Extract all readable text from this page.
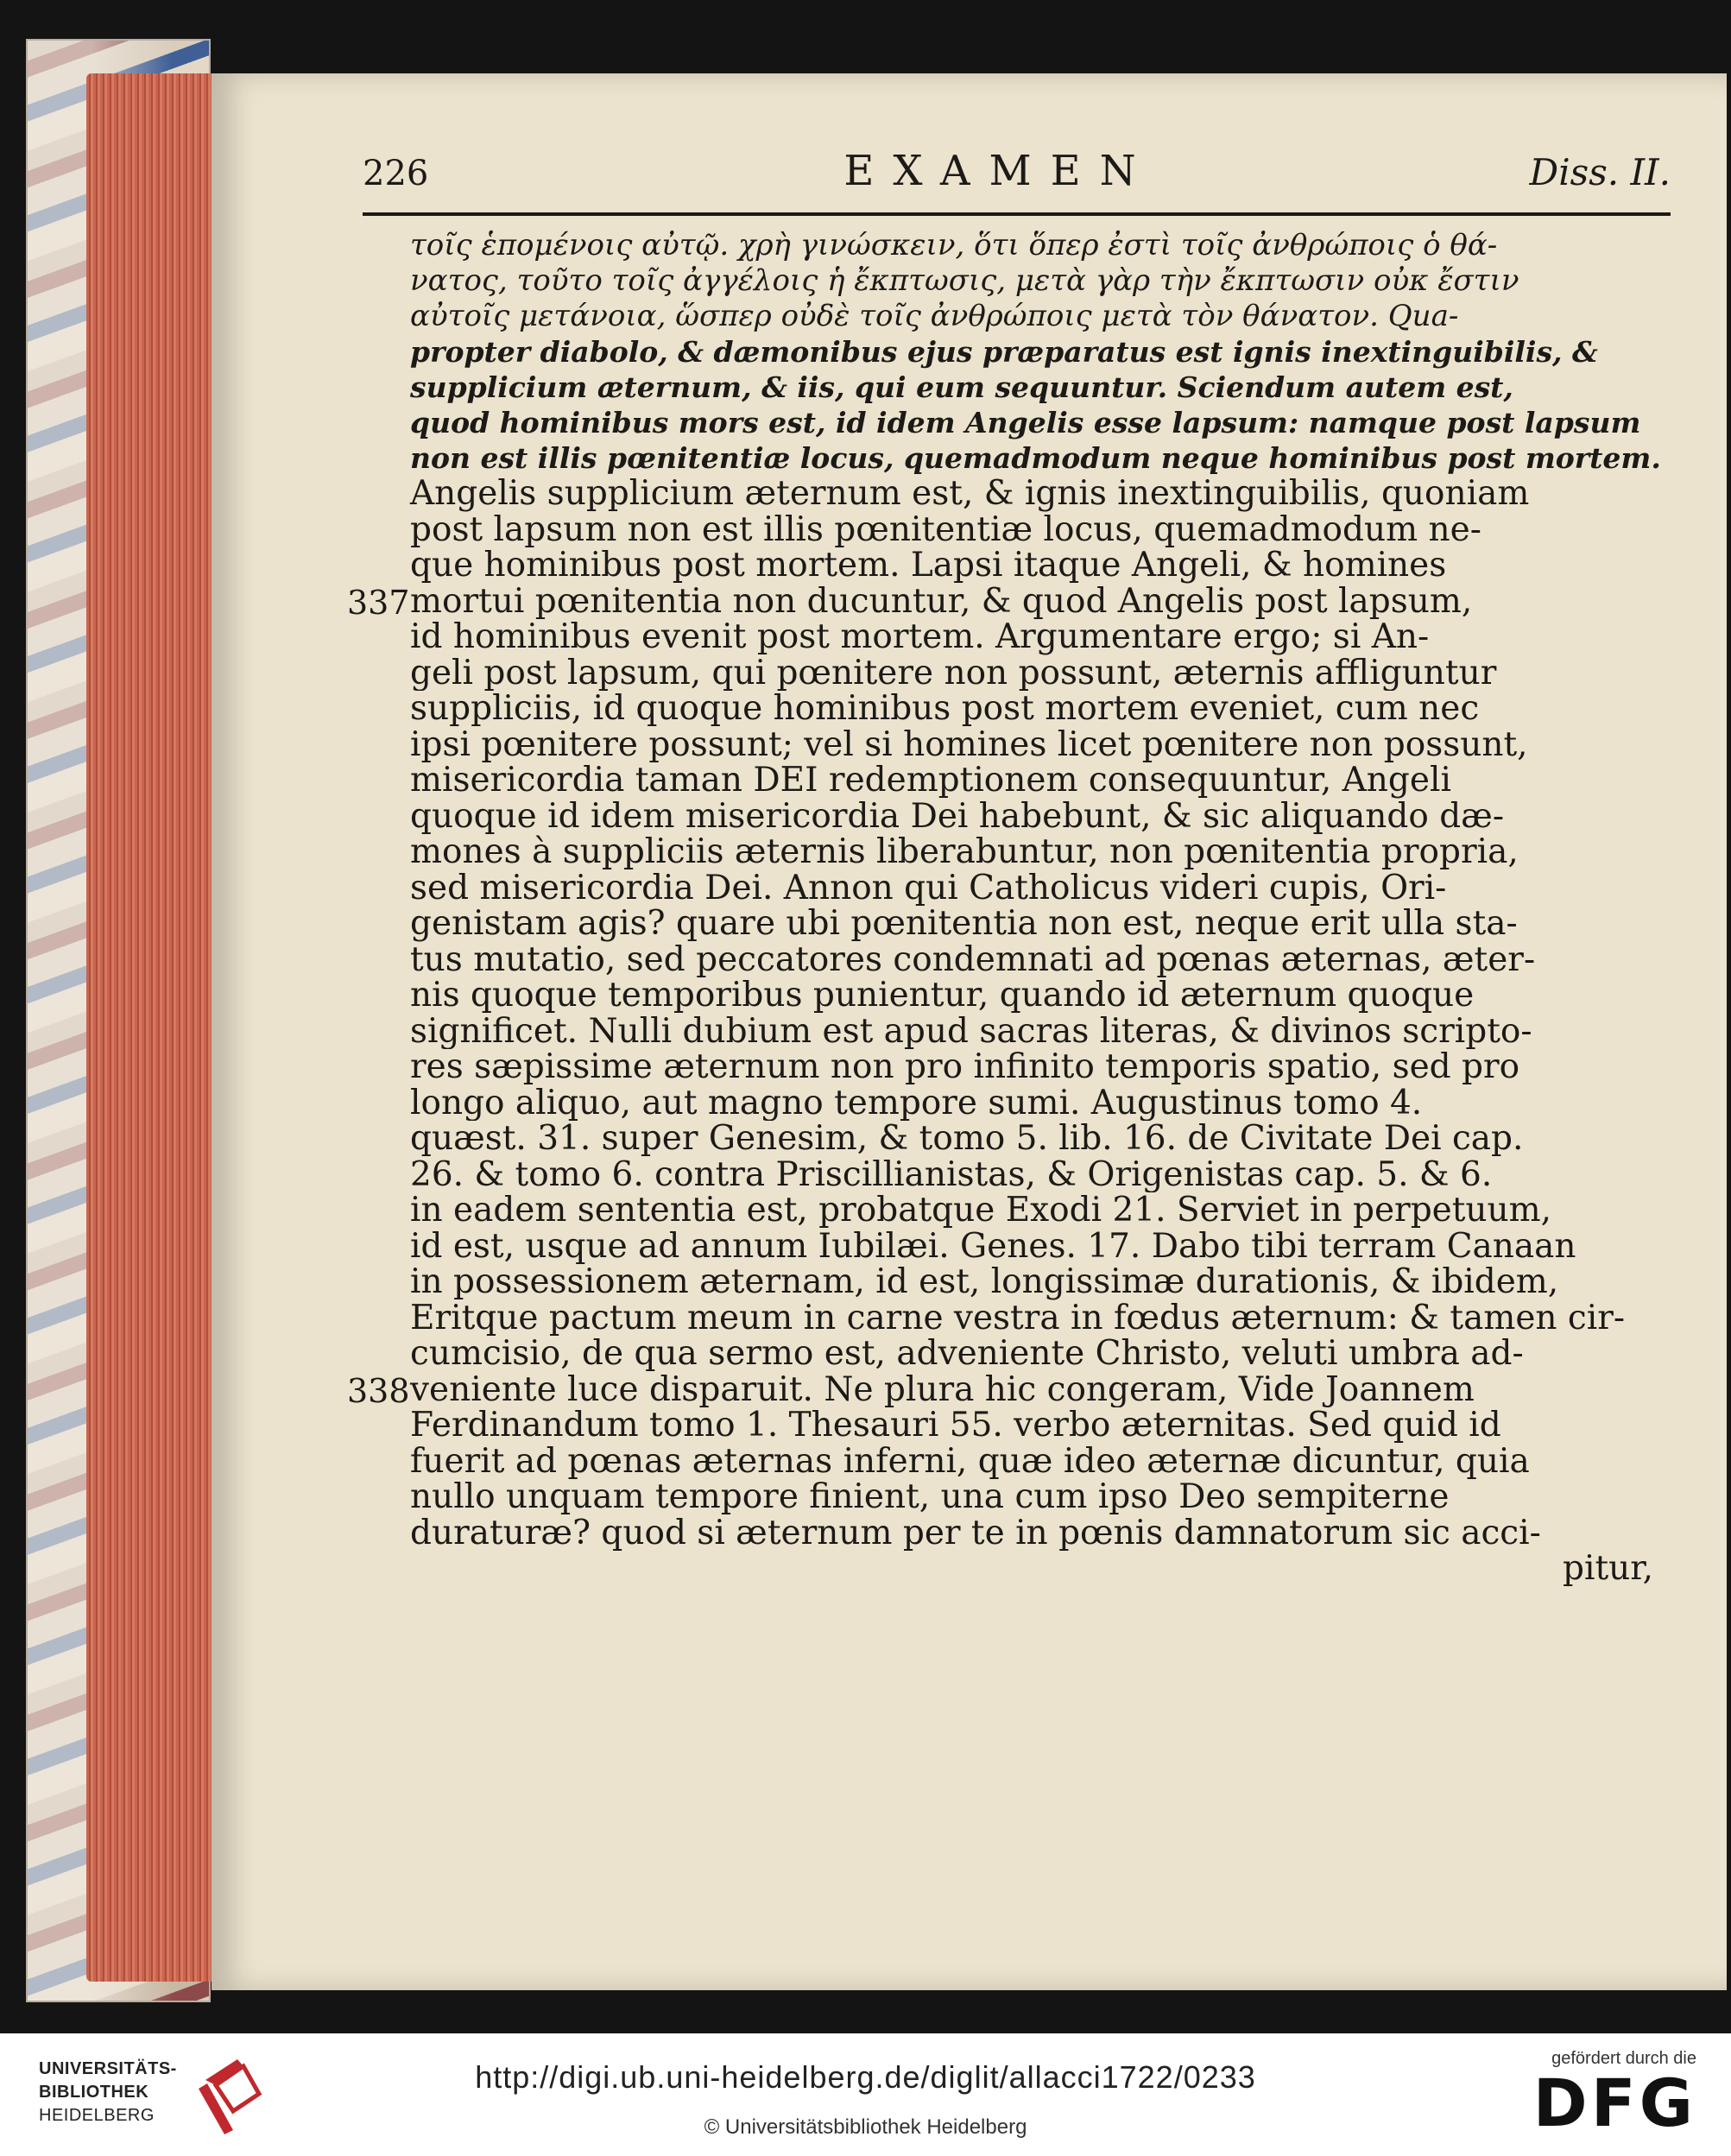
226	EXAMEN	Diss. II.
τοῖς ἑπομένοις αὐτῷ. χρὴ γινώσκειν, ὅτι ὅπερ ἐστὶ τοῖς ἀνθρώποις ὁ θά-
νατος, τοῦτο τοῖς ἀγγέλοις ἡ ἔκπτωσις, μετὰ γὰρ τὴν ἔκπτωσιν οὐκ ἔστιν
αὐτοῖς μετάνοια, ὥσπερ οὐδὲ τοῖς ἀνθρώποις μετὰ τὸν θάνατον. Qua-
propter diabolo, & dæmonibus ejus præparatus est ignis inextinguibilis, &
supplicium æternum, & iis, qui eum sequuntur. Sciendum autem est,
quod hominibus mors est, id idem Angelis esse lapsum: namque post lapsum
non est illis pœnitentiæ locus, quemadmodum neque hominibus post mortem.
Angelis supplicium æternum est, & ignis inextinguibilis, quoniam
post lapsum non est illis pœnitentiæ locus, quemadmodum ne-
que hominibus post mortem. Lapsi itaque Angeli, & homines
mortui pœnitentia non ducuntur, & quod Angelis post lapsum,
337
id hominibus evenit post mortem. Argumentare ergo; si An-
geli post lapsum, qui pœnitere non possunt, æternis affliguntur
suppliciis, id quoque hominibus post mortem eveniet, cum nec
ipsi pœnitere possunt; vel si homines licet pœnitere non possunt,
misericordia taman DEI redemptionem consequuntur, Angeli
quoque id idem misericordia Dei habebunt, & sic aliquando dæ-
mones à suppliciis æternis liberabuntur, non pœnitentia propria,
sed misericordia Dei. Annon qui Catholicus videri cupis, Ori-
genistam agis? quare ubi pœnitentia non est, neque erit ulla sta-
tus mutatio, sed peccatores condemnati ad pœnas æternas, æter-
nis quoque temporibus punientur, quando id æternum quoque
significet. Nulli dubium est apud sacras literas, & divinos scripto-
res sæpissime æternum non pro infinito temporis spatio, sed pro
longo aliquo, aut magno tempore sumi. Augustinus tomo 4.
quæst. 31. super Genesim, & tomo 5. lib. 16. de Civitate Dei cap.
26. & tomo 6. contra Priscillianistas, & Origenistas cap. 5. & 6.
in eadem sententia est, probatque Exodi 21. Serviet in perpetuum,
id est, usque ad annum Iubilæi. Genes. 17. Dabo tibi terram Canaan
in possessionem æternam, id est, longissimæ durationis, & ibidem,
Eritque pactum meum in carne vestra in fœdus æternum: & tamen cir-
cumcisio, de qua sermo est, adveniente Christo, veluti umbra ad-
veniente luce disparuit. Ne plura hic congeram, Vide Joannem
338
Ferdinandum tomo 1. Thesauri 55. verbo æternitas. Sed quid id
fuerit ad pœnas æternas inferni, quæ ideo æternæ dicuntur, quia
nullo unquam tempore finient, una cum ipso Deo sempiterne
duraturæ? quod si æternum per te in pœnis damnatorum sic acci-
pitur,
UNIVERSITÄTS-
BIBLIOTHEK
HEIDELBERG
http://digi.ub.uni-heidelberg.de/diglit/allacci1722/0233
© Universitätsbibliothek Heidelberg
gefördert durch die
DFG
